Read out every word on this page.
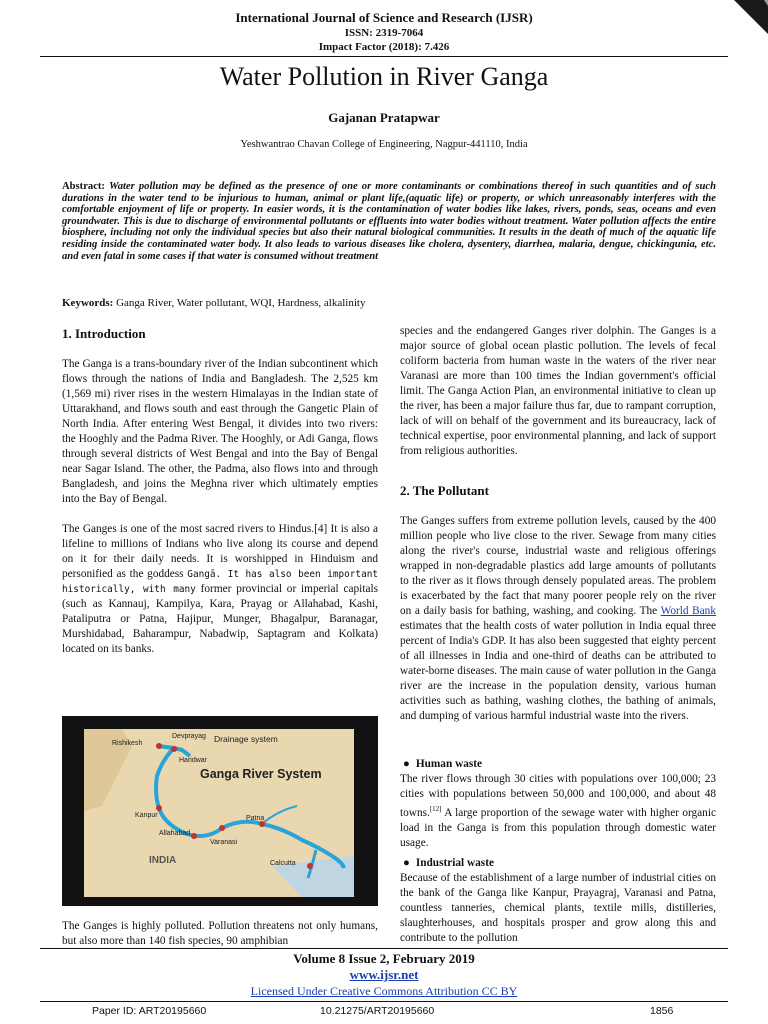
International Journal of Science and Research (IJSR)
ISSN: 2319-7064
Impact Factor (2018): 7.426
Water Pollution in River Ganga
Gajanan Pratapwar
Yeshwantrao Chavan College of Engineering, Nagpur-441110, India
Abstract: Water pollution may be defined as the presence of one or more contaminants or combinations thereof in such quantities and of such durations in the water tend to be injurious to human, animal or plant life,(aquatic life) or property, or which unreasonably interferes with the comfortable enjoyment of life or property. In easier words, it is the contamination of water bodies like lakes, rivers, ponds, seas, oceans and even groundwater. This is due to discharge of environmental pollutants or effluents into water bodies without treatment. Water pollution affects the entire biosphere, including not only the individual species but also their natural biological communities. It results in the death of much of the aquatic life residing inside the contaminated water body. It also leads to various diseases like cholera, dysentery, diarrhea, malaria, dengue, chickingunia, etc. and even fatal in some cases if that water is consumed without treatment
Keywords: Ganga River, Water pollutant, WQI, Hardness, alkalinity
1. Introduction

The Ganga is a trans-boundary river of the Indian subcontinent which flows through the nations of India and Bangladesh. The 2,525 km (1,569 mi) river rises in the western Himalayas in the Indian state of Uttarakhand, and flows south and east through the Gangetic Plain of North India. After entering West Bengal, it divides into two rivers: the Hooghly and the Padma River. The Hooghly, or Adi Ganga, flows through several districts of West Bengal and into the Bay of Bengal near Sagar Island. The other, the Padma, also flows into and through Bangladesh, and joins the Meghna river which ultimately empties into the Bay of Bengal.

The Ganges is one of the most sacred rivers to Hindus.[4] It is also a lifeline to millions of Indians who live along its course and depend on it for their daily needs. It is worshipped in Hinduism and personified as the goddess Gangā. It has also been important historically, with many former provincial or imperial capitals (such as Kannauj, Kampilya, Kara, Prayag or Allahabad, Kashi, Pataliputra or Patna, Hajipur, Munger, Bhagalpur, Baranagar, Murshidabad, Baharampur, Nabadwip, Saptagram and Kolkata) located on its banks.

Drainage system
Devprayag
Rishikesh
Haridwar
Ganga River System
Kanpur
Allahabad
Patna
Varanasi
INDIA	Calcutta

The Ganges is highly polluted. Pollution threatens not only humans, but also more than 140 fish species, 90 amphibian

species and the endangered Ganges river dolphin. The Ganges is a major source of global ocean plastic pollution. The levels of fecal coliform bacteria from human waste in the waters of the river near Varanasi are more than 100 times the Indian government's official limit. The Ganga Action Plan, an environmental initiative to clean up the river, has been a major failure thus far, due to rampant corruption, lack of will on behalf of the government and its bureaucracy, lack of technical expertise, poor environmental planning, and lack of support from religious authorities.

2. The Pollutant

The Ganges suffers from extreme pollution levels, caused by the 400 million people who live close to the river. Sewage from many cities along the river's course, industrial waste and religious offerings wrapped in non-degradable plastics add large amounts of pollutants to the river as it flows through densely populated areas. The problem is exacerbated by the fact that many poorer people rely on the river on a daily basis for bathing, washing, and cooking. The World Bank estimates that the health costs of water pollution in India equal three percent of India's GDP. It has also been suggested that eighty percent of all illnesses in India and one-third of deaths can be attributed to water-borne diseases. The main cause of water pollution in the Ganga river are the increase in the population density, various human activities such as bathing, washing clothes, the bathing of animals, and dumping of various harmful industrial waste into the rivers.

● Human waste

The river flows through 30 cities with populations over 100,000; 23 cities with populations between 50,000 and 100,000, and about 48 towns.[12] A large proportion of the sewage water with higher organic load in the Ganga is from this population through domestic water usage.

● Industrial waste

Because of the establishment of a large number of industrial cities on the bank of the Ganga like Kanpur, Prayagraj, Varanasi and Patna, countless tanneries, chemical plants, textile mills, distilleries, slaughterhouses, and hospitals prosper and grow along this and contribute to the pollution

Volume 8 Issue 2, February 2019
www.ijsr.net
Licensed Under Creative Commons Attribution CC BY
Paper ID: ART20195660	10.21275/ART20195660	1856
